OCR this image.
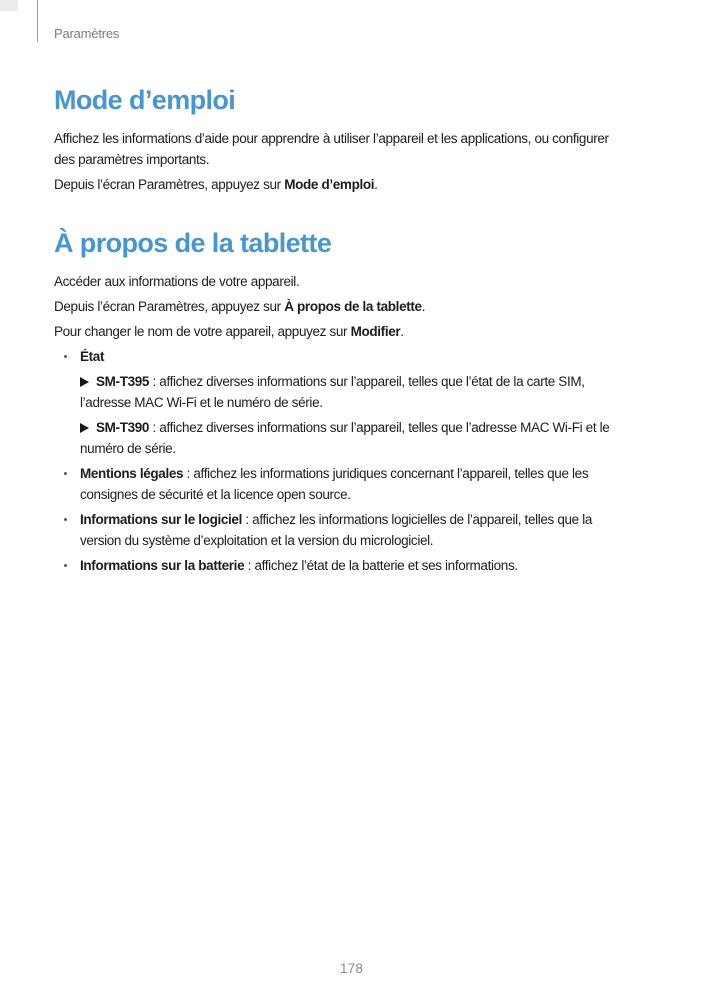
Paramètres
Mode d’emploi
Affichez les informations d’aide pour apprendre à utiliser l’appareil et les applications, ou configurer
des paramètres importants.
Depuis l’écran Paramètres, appuyez sur Mode d’emploi.
À propos de la tablette
Accéder aux informations de votre appareil.
Depuis l’écran Paramètres, appuyez sur À propos de la tablette.
Pour changer le nom de votre appareil, appuyez sur Modifier.
État
SM-T395 : affichez diverses informations sur l’appareil, telles que l’état de la carte SIM,
l’adresse MAC Wi-Fi et le numéro de série.
SM-T390 : affichez diverses informations sur l’appareil, telles que l’adresse MAC Wi-Fi et le
numéro de série.
Mentions légales : affichez les informations juridiques concernant l’appareil, telles que les
consignes de sécurité et la licence open source.
Informations sur le logiciel : affichez les informations logicielles de l’appareil, telles que la
version du système d’exploitation et la version du micrologiciel.
Informations sur la batterie : affichez l’état de la batterie et ses informations.
178
